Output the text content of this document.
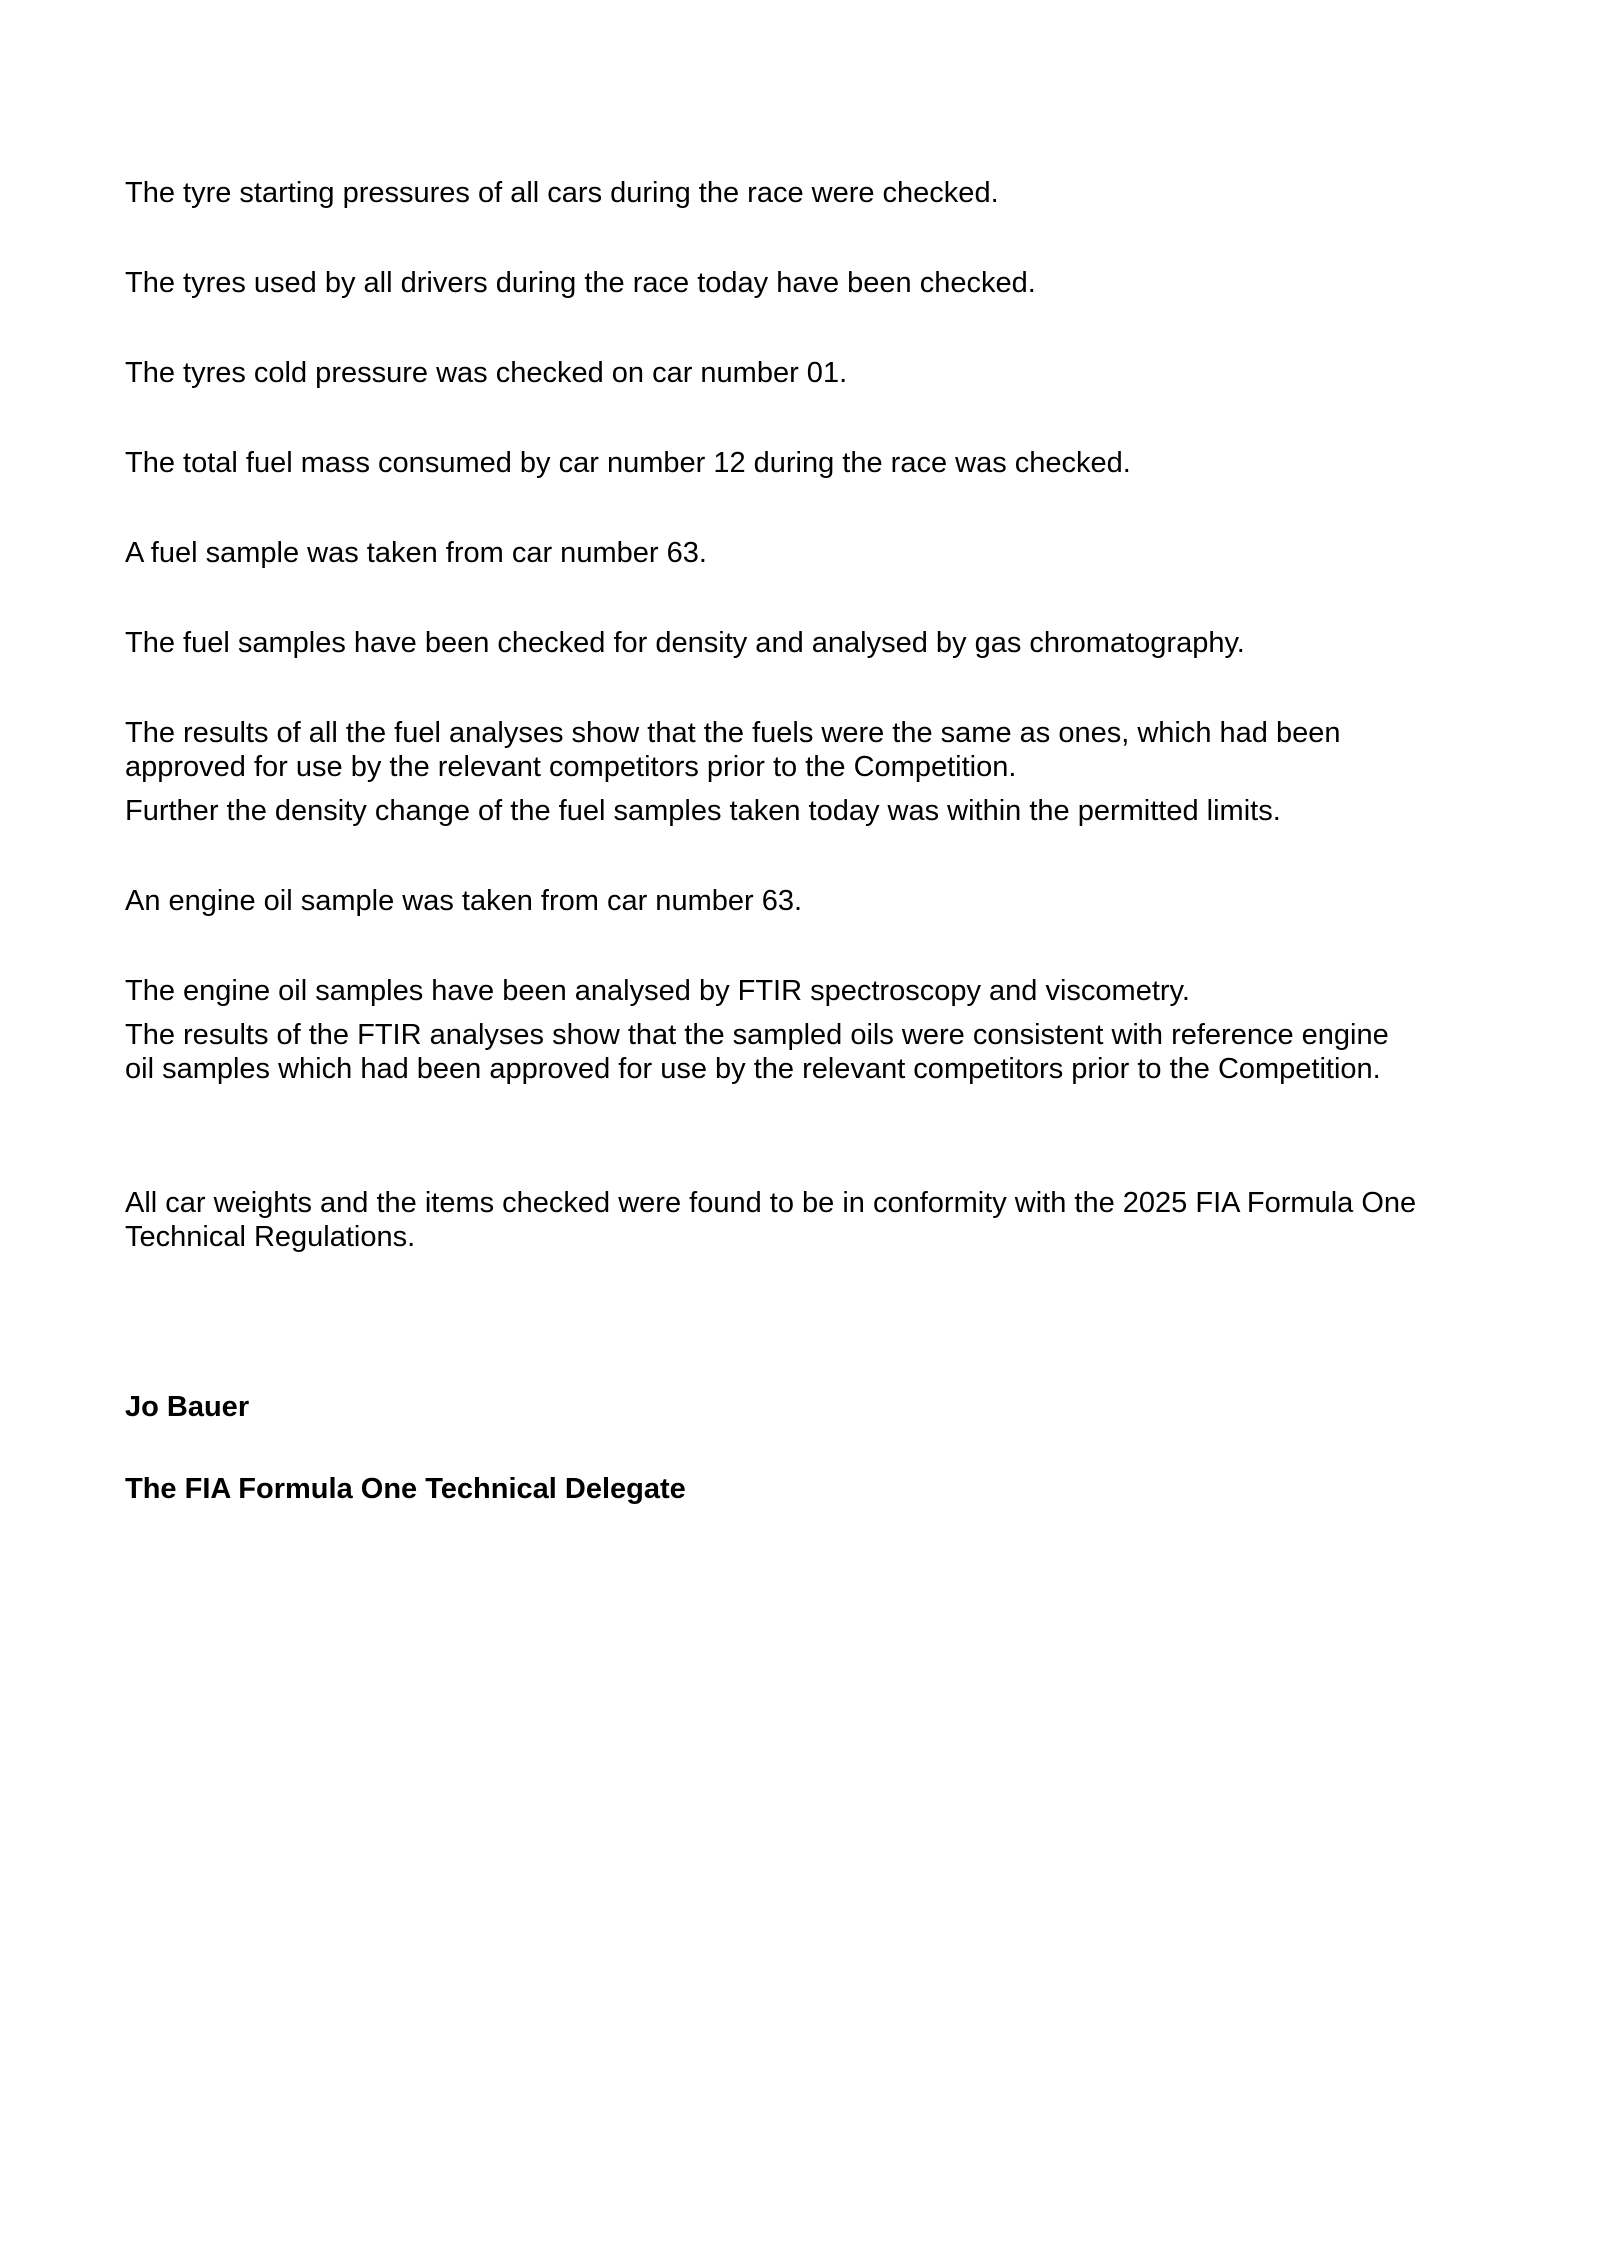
The tyre starting pressures of all cars during the race were checked.

The tyres used by all drivers during the race today have been checked.

The tyres cold pressure was checked on car number 01.

The total fuel mass consumed by car number 12 during the race was checked.

A fuel sample was taken from car number 63.

The fuel samples have been checked for density and analysed by gas chromatography.

The results of all the fuel analyses show that the fuels were the same as ones, which had been
approved for use by the relevant competitors prior to the Competition.

Further the density change of the fuel samples taken today was within the permitted limits.

An engine oil sample was taken from car number 63.

The engine oil samples have been analysed by FTIR spectroscopy and viscometry.

The results of the FTIR analyses show that the sampled oils were consistent with reference engine
oil samples which had been approved for use by the relevant competitors prior to the Competition.

All car weights and the items checked were found to be in conformity with the 2025 FIA Formula One
Technical Regulations.

Jo Bauer

The FIA Formula One Technical Delegate
